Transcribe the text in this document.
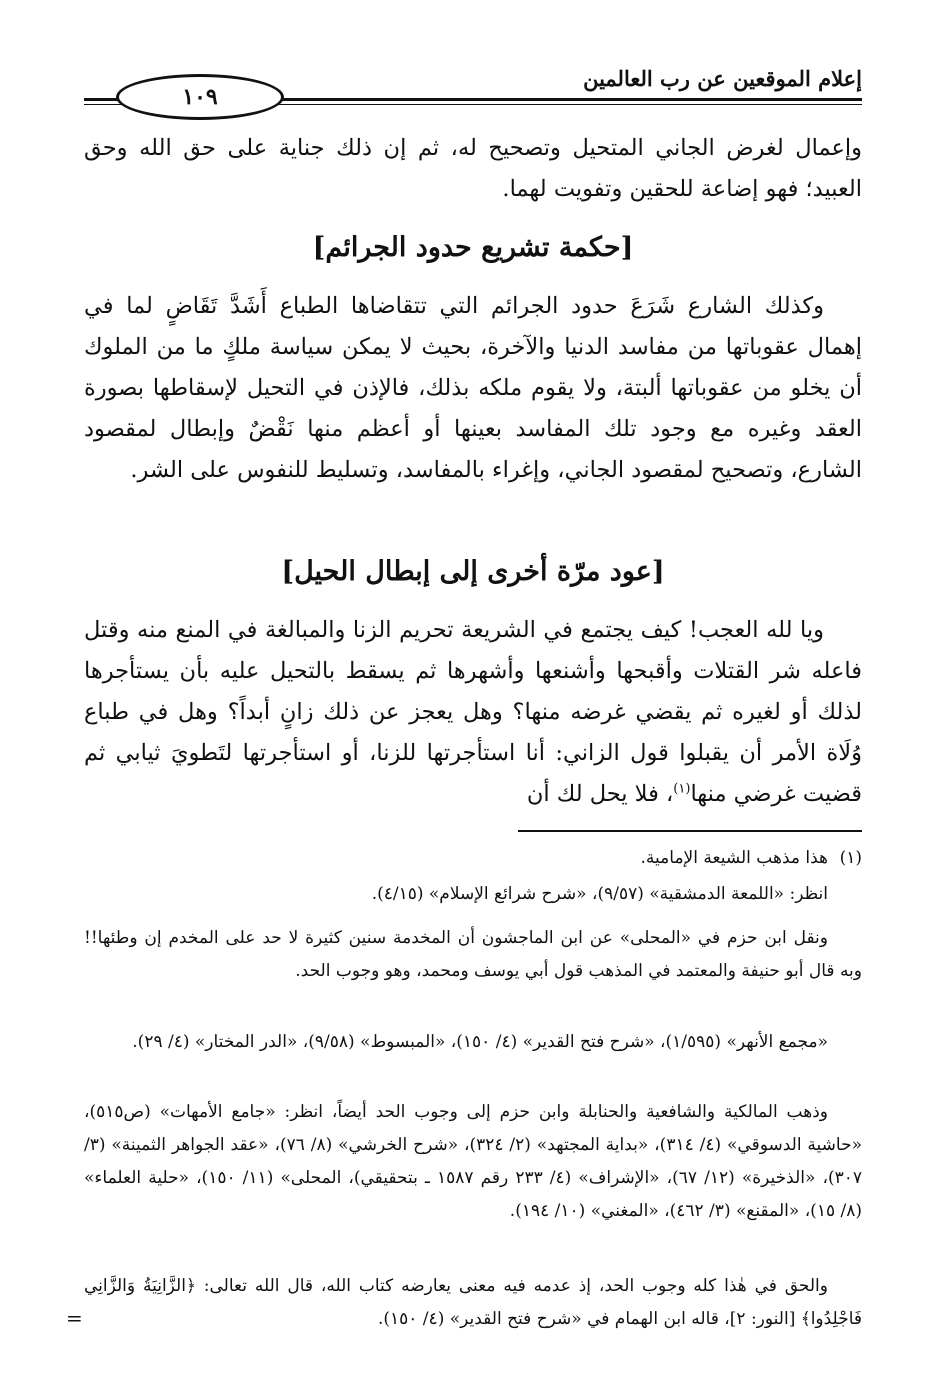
إعلام الموقعين عن رب العالمين
١٠٩

وإعمال لغرض الجاني المتحيل وتصحيح له، ثم إن ذلك جناية على حق الله وحق العبيد؛ فهو إضاعة للحقين وتفويت لهما.

[حكمة تشريع حدود الجرائم]

وكذلك الشارع شَرَعَ حدود الجرائم التي تتقاضاها الطباع أَشَدَّ تَقَاضٍ لما في إهمال عقوباتها من مفاسد الدنيا والآخرة، بحيث لا يمكن سياسة ملكٍ ما من الملوك أن يخلو من عقوباتها ألبتة، ولا يقوم ملكه بذلك، فالإذن في التحيل لإسقاطها بصورة العقد وغيره مع وجود تلك المفاسد بعينها أو أعظم منها نَقْضٌ وإبطال لمقصود الشارع، وتصحيح لمقصود الجاني، وإغراء بالمفاسد، وتسليط للنفوس على الشر.

[عود مرّة أخرى إلى إبطال الحيل]

ويا لله العجب! كيف يجتمع في الشريعة تحريم الزنا والمبالغة في المنع منه وقتل فاعله شر القتلات وأقبحها وأشنعها وأشهرها ثم يسقط بالتحيل عليه بأن يستأجرها لذلك أو لغيره ثم يقضي غرضه منها؟ وهل يعجز عن ذلك زانٍ أبداً؟ وهل في طباع وُلَاة الأمر أن يقبلوا قول الزاني: أنا استأجرتها للزنا، أو استأجرتها لتَطويَ ثيابي ثم قضيت غرضي منها$^{(١)}$، فلا يحل لك أن

(١)هذا مذهب الشيعة الإمامية.

انظر: «اللمعة الدمشقية» (٩/٥٧)، «شرح شرائع الإسلام» (٤/١٥).

ونقل ابن حزم في «المحلى» عن ابن الماجشون أن المخدمة سنين كثيرة لا حد على المخدم إن وطئها!! وبه قال أبو حنيفة والمعتمد في المذهب قول أبي يوسف ومحمد، وهو وجوب الحد.

«مجمع الأنهر» (١/٥٩٥)، «شرح فتح القدير» (٤/ ١٥٠)، «المبسوط» (٩/٥٨)، «الدر المختار» (٤/ ٢٩).

وذهب المالكية والشافعية والحنابلة وابن حزم إلى وجوب الحد أيضاً، انظر: «جامع الأمهات» (ص٥١٥)، «حاشية الدسوقي» (٤/ ٣١٤)، «بداية المجتهد» (٢/ ٣٢٤)، «شرح الخرشي» (٨/ ٧٦)، «عقد الجواهر الثمينة» (٣/ ٣٠٧)، «الذخيرة» (١٢/ ٦٧)، «الإشراف» (٤/ ٢٣٣ رقم ١٥٨٧ ـ بتحقيقي)، المحلى» (١١/ ١٥٠)، «حلية العلماء» (٨/ ١٥)، «المقنع» (٣/ ٤٦٢)، «المغني» (١٠/ ١٩٤).

والحق في هٰذا كله وجوب الحد، إذ عدمه فيه معنى يعارضه كتاب الله، قال الله تعالى: ﴿الزَّانِيَةُ وَالزَّانِي فَاجْلِدُوا﴾ [النور: ٢]، قاله ابن الهمام في «شرح فتح القدير» (٤/ ١٥٠).

=
